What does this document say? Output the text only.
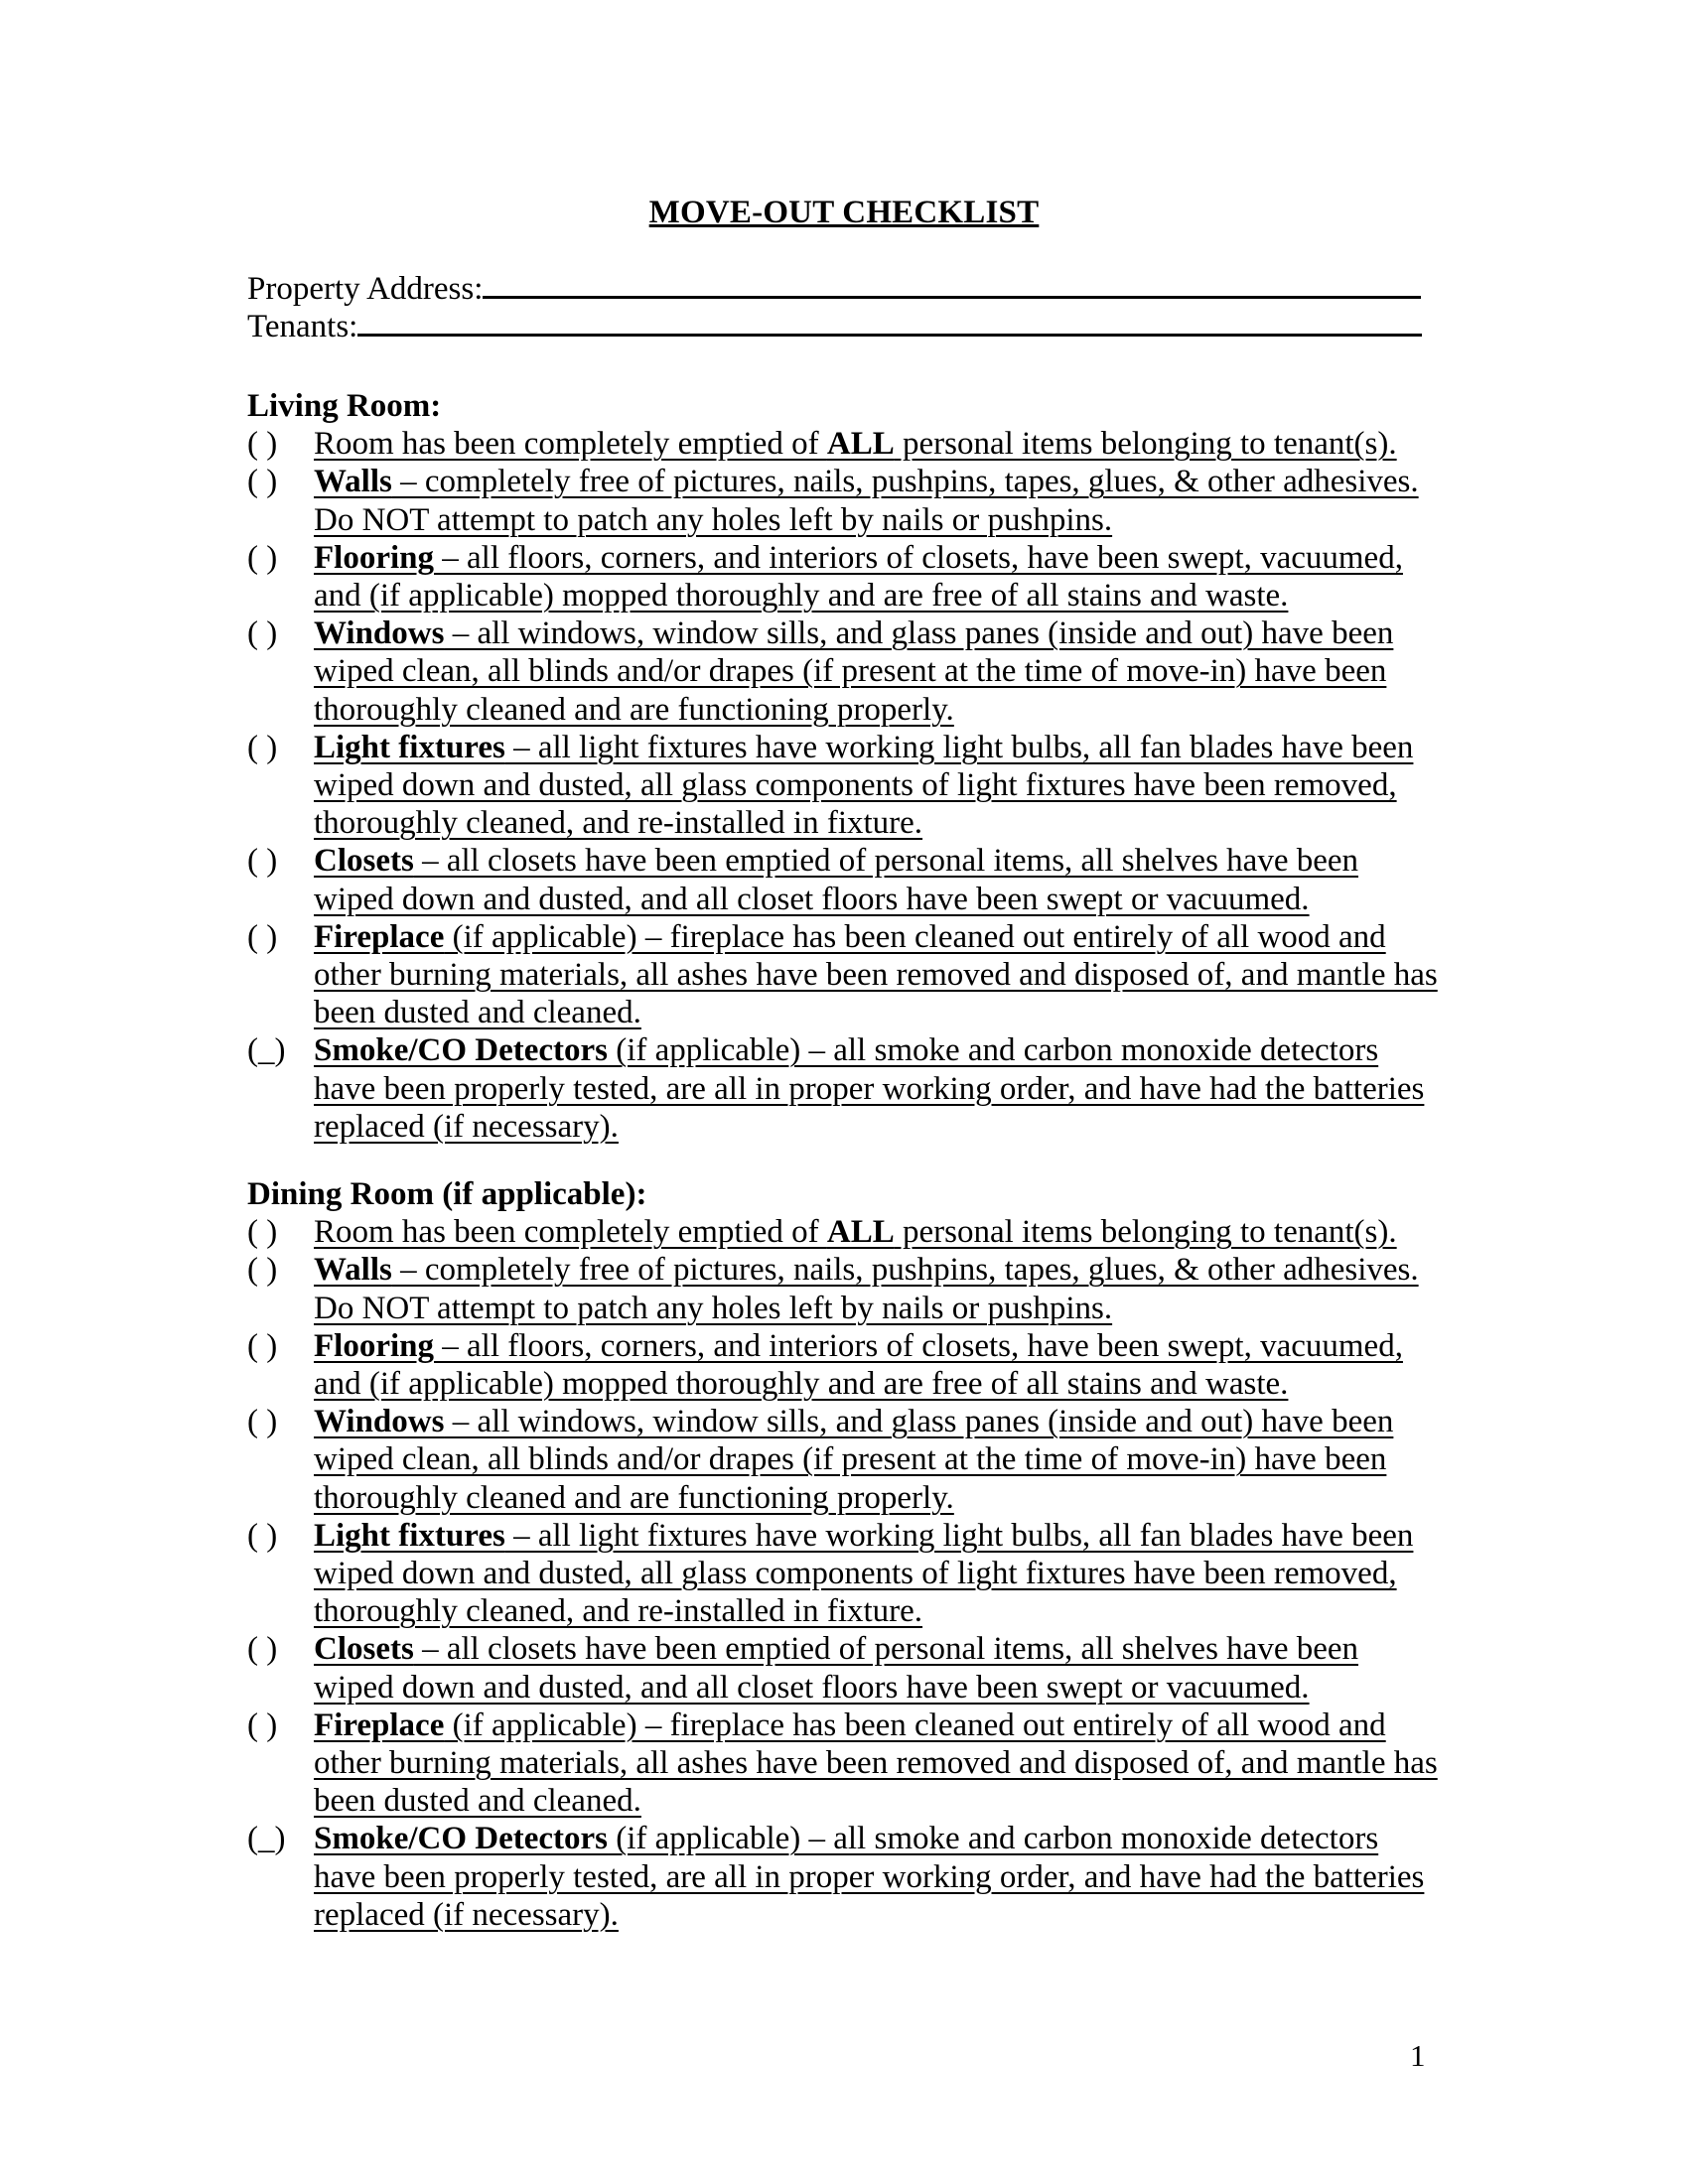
MOVE-OUT CHECKLIST
Property Address:
Tenants:
Living Room:
( ) Room has been completely emptied of ALL personal items belonging to tenant(s).
( ) Walls – completely free of pictures, nails, pushpins, tapes, glues, & other adhesives. Do NOT attempt to patch any holes left by nails or pushpins.
( ) Flooring – all floors, corners, and interiors of closets, have been swept, vacuumed, and (if applicable) mopped thoroughly and are free of all stains and waste.
( ) Windows – all windows, window sills, and glass panes (inside and out) have been wiped clean, all blinds and/or drapes (if present at the time of move-in) have been thoroughly cleaned and are functioning properly.
( ) Light fixtures – all light fixtures have working light bulbs, all fan blades have been wiped down and dusted, all glass components of light fixtures have been removed, thoroughly cleaned, and re-installed in fixture.
( ) Closets – all closets have been emptied of personal items, all shelves have been wiped down and dusted, and all closet floors have been swept or vacuumed.
( ) Fireplace (if applicable) – fireplace has been cleaned out entirely of all wood and other burning materials, all ashes have been removed and disposed of, and mantle has been dusted and cleaned.
(_) Smoke/CO Detectors (if applicable) – all smoke and carbon monoxide detectors have been properly tested, are all in proper working order, and have had the batteries replaced (if necessary).
Dining Room (if applicable):
( ) Room has been completely emptied of ALL personal items belonging to tenant(s).
( ) Walls – completely free of pictures, nails, pushpins, tapes, glues, & other adhesives. Do NOT attempt to patch any holes left by nails or pushpins.
( ) Flooring – all floors, corners, and interiors of closets, have been swept, vacuumed, and (if applicable) mopped thoroughly and are free of all stains and waste.
( ) Windows – all windows, window sills, and glass panes (inside and out) have been wiped clean, all blinds and/or drapes (if present at the time of move-in) have been thoroughly cleaned and are functioning properly.
( ) Light fixtures – all light fixtures have working light bulbs, all fan blades have been wiped down and dusted, all glass components of light fixtures have been removed, thoroughly cleaned, and re-installed in fixture.
( ) Closets – all closets have been emptied of personal items, all shelves have been wiped down and dusted, and all closet floors have been swept or vacuumed.
( ) Fireplace (if applicable) – fireplace has been cleaned out entirely of all wood and other burning materials, all ashes have been removed and disposed of, and mantle has been dusted and cleaned.
(_) Smoke/CO Detectors (if applicable) – all smoke and carbon monoxide detectors have been properly tested, are all in proper working order, and have had the batteries replaced (if necessary).
1
